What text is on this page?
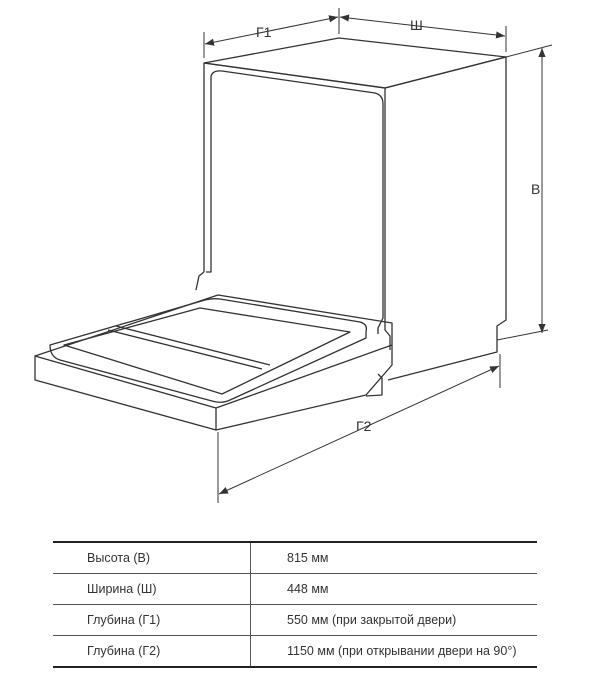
Г1	Ш
В
Г2
Высота (В)	815 мм
Ширина (Ш)	448 мм
Глубина (Г1)	550 мм (при закрытой двери)
Глубина (Г2)	1150 мм (при открывании двери на 90°)
